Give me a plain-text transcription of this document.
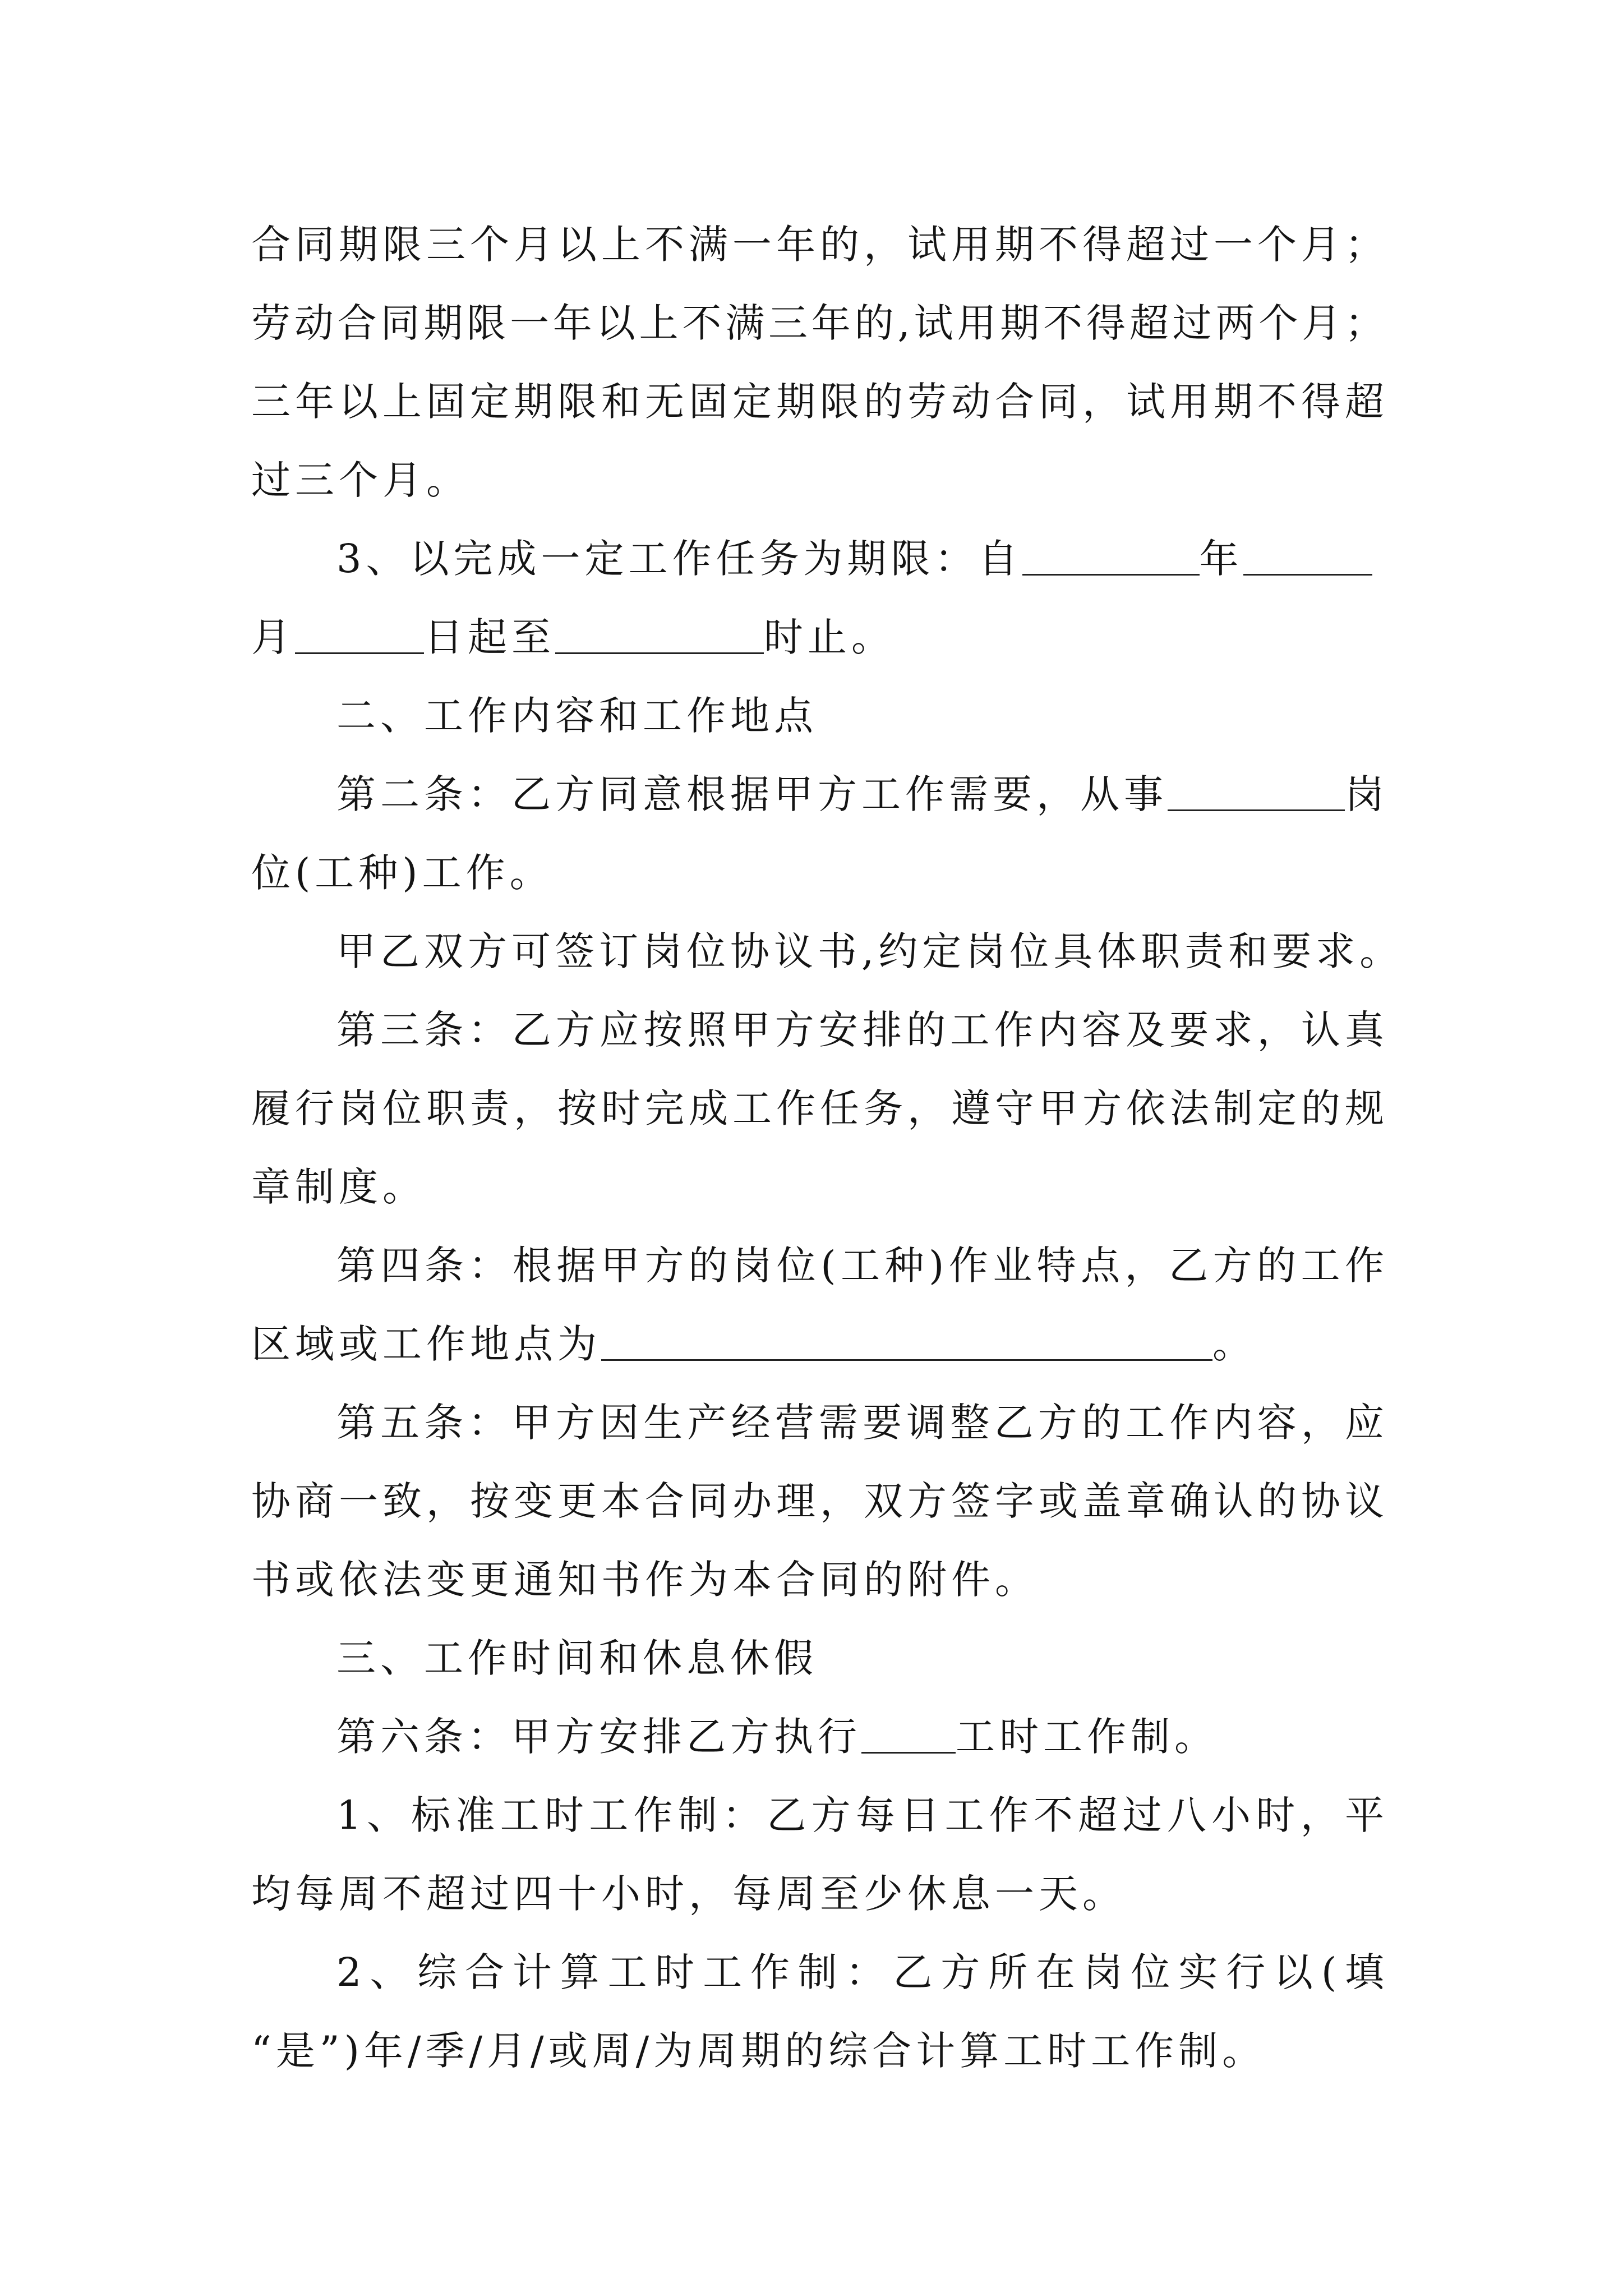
合同期限三个月以上不满一年的，试用期不得超过一个月；
劳动合同期限一年以上不满三年的,试用期不得超过两个月；
三年以上固定期限和无固定期限的劳动合同，试用期不得超
过三个月。
3、以完成一定工作任务为期限：自	年
月	日起至	时止。
二、工作内容和工作地点
第二条：乙方同意根据甲方工作需要，从事	岗
位(工种)工作。
甲乙双方可签订岗位协议书,约定岗位具体职责和要求。
第三条：乙方应按照甲方安排的工作内容及要求，认真
履行岗位职责，按时完成工作任务，遵守甲方依法制定的规
章制度。
第四条：根据甲方的岗位(工种)作业特点，乙方的工作
区域或工作地点为	。
第五条：甲方因生产经营需要调整乙方的工作内容，应
协商一致，按变更本合同办理，双方签字或盖章确认的协议
书或依法变更通知书作为本合同的附件。
三、工作时间和休息休假
第六条：甲方安排乙方执行 工时工作制。
1、标准工时工作制：乙方每日工作不超过八小时，平
均每周不超过四十小时，每周至少休息一天。
2、综合计算工时工作制：乙方所在岗位实行以(填
“是”)年/季/月/或周/为周期的综合计算工时工作制。
